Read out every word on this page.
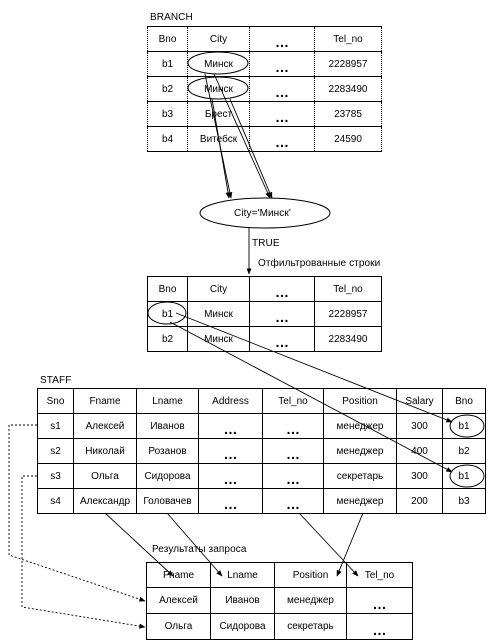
BRANCH
Bno	City	…	Tel_no
b1	Минск	…	2228957
b2	Минск	…	2283490
b3	Брест	…	23785
b4	Витебск	…	24590
City='Минск'
TRUE
Отфильтрованные строки
Bno	City	…	Tel_no
b1	Минск	…	2228957
b2	Минск	…	2283490
STAFF
Sno	Fname	Lname	Address	Tel_no	Position	Salary	Bno
s1	Алексей	Иванов	…	…	менеджер	300	b1
s2	Николай	Розанов	…	…	менеджер	400	b2
s3	Ольга	Сидорова	…	…	секретарь	300	b1
s4	Александр	Головачев	…	…	менеджер	200	b3
Результаты запроса
Fname	Lname	Position	Tel_no
Алексей	Иванов	менеджер	…
Ольга	Сидорова	секретарь	…
